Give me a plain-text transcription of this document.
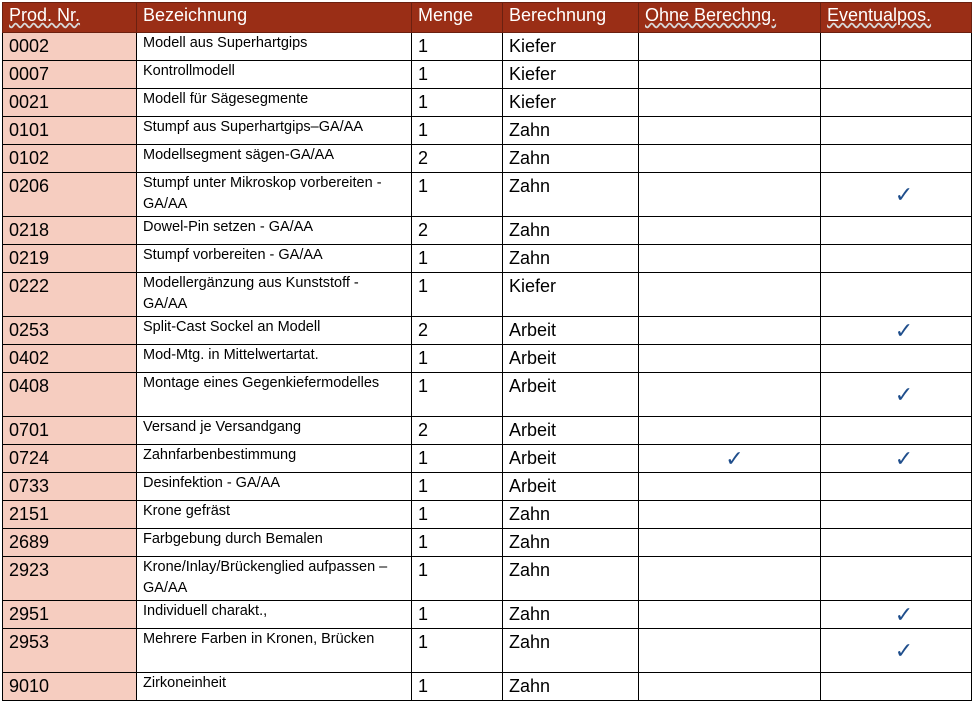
Prod. Nr.	Bezeichnung	Menge	Berechnung	Ohne Berechng.	Eventualpos.
0002	Modell aus Superhartgips	1	Kiefer		
0007	Kontrollmodell	1	Kiefer		
0021	Modell für Sägesegmente	1	Kiefer		
0101	Stumpf aus Superhartgips–GA/AA	1	Zahn		
0102	Modellsegment sägen-GA/AA	2	Zahn		
0206	Stumpf unter Mikroskop vorbereiten - GA/AA	1	Zahn		✓
0218	Dowel-Pin setzen - GA/AA	2	Zahn		
0219	Stumpf vorbereiten - GA/AA	1	Zahn		
0222	Modellergänzung aus Kunststoff - GA/AA	1	Kiefer		
0253	Split-Cast Sockel an Modell	2	Arbeit		✓
0402	Mod-Mtg. in Mittelwertartat.	1	Arbeit		
0408	Montage eines Gegenkiefermodelles	1	Arbeit		✓
0701	Versand je Versandgang	2	Arbeit		
0724	Zahnfarbenbestimmung	1	Arbeit	✓	✓
0733	Desinfektion - GA/AA	1	Arbeit		
2151	Krone gefräst	1	Zahn		
2689	Farbgebung durch Bemalen	1	Zahn		
2923	Krone/Inlay/Brückenglied aufpassen – GA/AA	1	Zahn		
2951	Individuell charakt.,	1	Zahn		✓
2953	Mehrere Farben in Kronen, Brücken	1	Zahn		✓
9010	Zirkoneinheit	1	Zahn		
